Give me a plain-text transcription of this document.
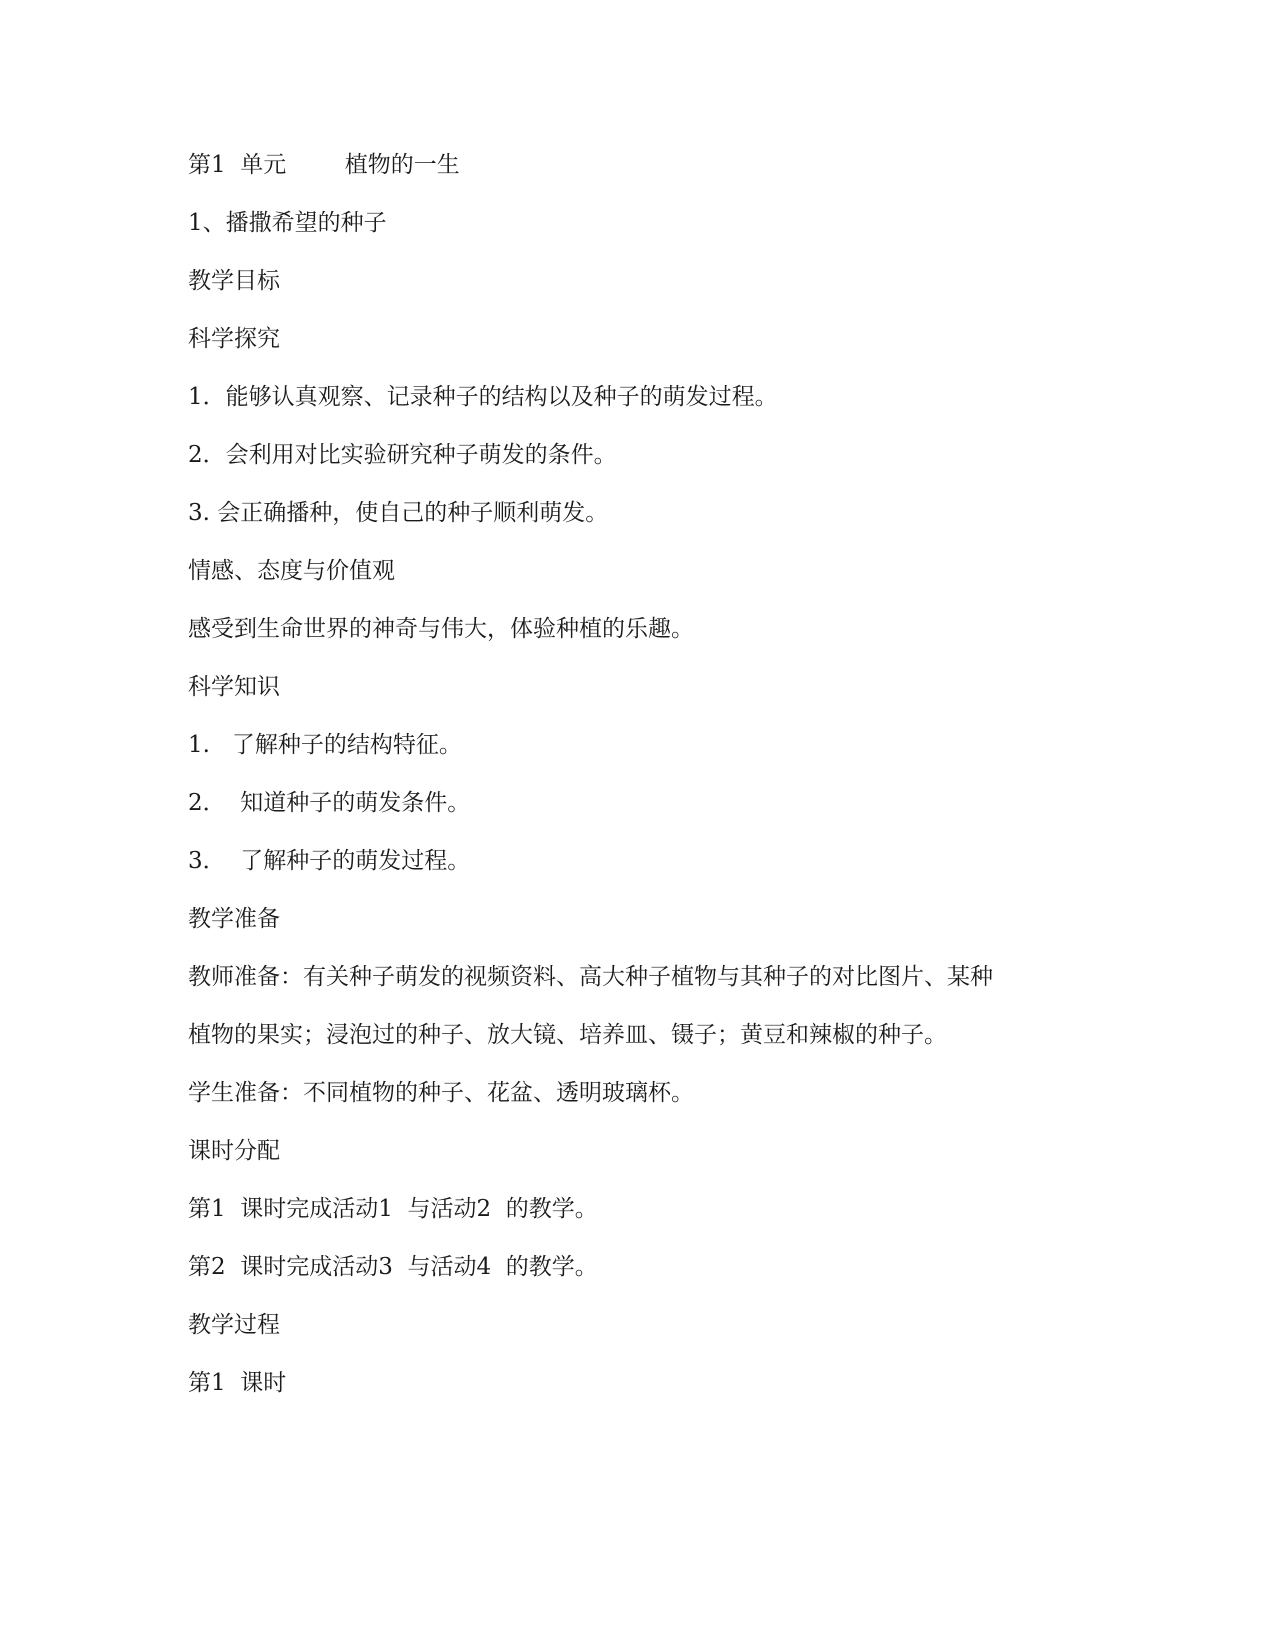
第1  单元        植物的一生
1、播撒希望的种子
教学目标
科学探究

1．能够认真观察、记录种子的结构以及种子的萌发过程。

2．会利用对比实验研究种子萌发的条件。

3. 会正确播种，使自己的种子顺利萌发。

情感、态度与价值观

感受到生命世界的神奇与伟大，体验种植的乐趣。

科学知识

1.   了解种子的结构特征。

2．  知道种子的萌发条件。

3．  了解种子的萌发过程。

教学准备

教师准备：有关种子萌发的视频资料、高大种子植物与其种子的对比图片、某种

植物的果实；浸泡过的种子、放大镜、培养皿、镊子；黄豆和辣椒的种子。

学生准备：不同植物的种子、花盆、透明玻璃杯。

课时分配

第1  课时完成活动1  与活动2  的教学。

第2  课时完成活动3  与活动4  的教学。

教学过程
第1  课时
